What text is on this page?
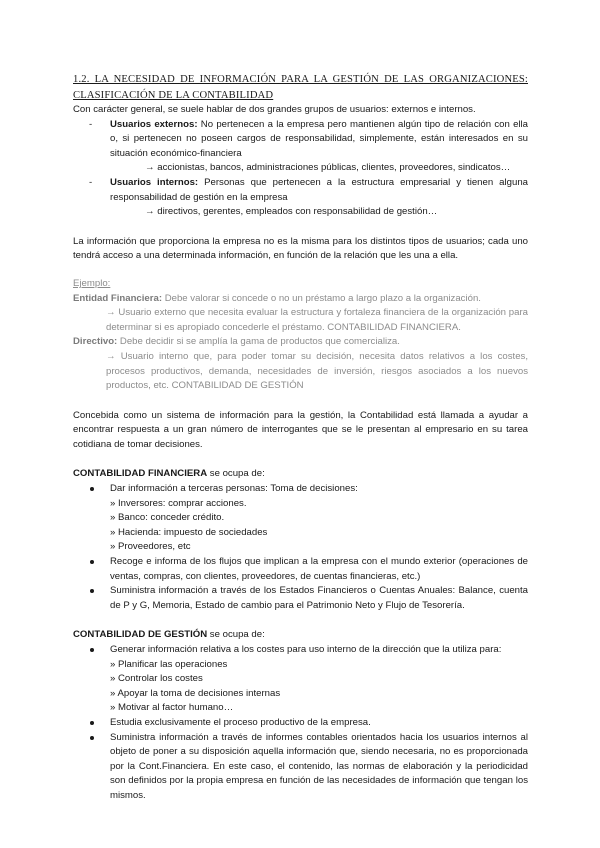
1.2. LA NECESIDAD DE INFORMACIÓN PARA LA GESTIÓN DE LAS ORGANIZACIONES:
CLASIFICACIÓN DE LA CONTABILIDAD

Con carácter general, se suele hablar de dos grandes grupos de usuarios: externos e internos.

- Usuarios externos: No pertenecen a la empresa pero mantienen algún tipo de relación con ella o, si pertenecen no poseen cargos de responsabilidad, simplemente, están interesados en su situación económico-financiera
→ accionistas, bancos, administraciones públicas, clientes, proveedores, sindicatos…
- Usuarios internos: Personas que pertenecen a la estructura empresarial y tienen alguna responsabilidad de gestión en la empresa
→ directivos, gerentes, empleados con responsabilidad de gestión…

La información que proporciona la empresa no es la misma para los distintos tipos de usuarios; cada uno tendrá acceso a una determinada información, en función de la relación que les una a ella.

Ejemplo:
Entidad Financiera: Debe valorar si concede o no un préstamo a largo plazo a la organización.
→ Usuario externo que necesita evaluar la estructura y fortaleza financiera de la organización para determinar si es apropiado concederle el préstamo. CONTABILIDAD FINANCIERA.
Directivo: Debe decidir si se amplía la gama de productos que comercializa.
→ Usuario interno que, para poder tomar su decisión, necesita datos relativos a los costes, procesos productivos, demanda, necesidades de inversión, riesgos asociados a los nuevos productos, etc. CONTABILIDAD DE GESTIÓN

Concebida como un sistema de información para la gestión, la Contabilidad está llamada a ayudar a encontrar respuesta a un gran número de interrogantes que se le presentan al empresario en su tarea cotidiana de tomar decisiones.

CONTABILIDAD FINANCIERA se ocupa de:
Dar información a terceras personas: Toma de decisiones:
» Inversores: comprar acciones.
» Banco: conceder crédito.
» Hacienda: impuesto de sociedades
» Proveedores, etc
Recoge e informa de los flujos que implican a la empresa con el mundo exterior (operaciones de ventas, compras, con clientes, proveedores, de cuentas financieras, etc.)
Suministra información a través de los Estados Financieros o Cuentas Anuales: Balance, cuenta de P y G, Memoria, Estado de cambio para el Patrimonio Neto y Flujo de Tesorería.
CONTABILIDAD DE GESTIÓN se ocupa de:
Generar información relativa a los costes para uso interno de la dirección que la utiliza para:
» Planificar las operaciones
» Controlar los costes
» Apoyar la toma de decisiones internas
» Motivar al factor humano…
Estudia exclusivamente el proceso productivo de la empresa.
Suministra información a través de informes contables orientados hacia los usuarios internos al objeto de poner a su disposición aquella información que, siendo necesaria, no es proporcionada por la Cont.Financiera. En este caso, el contenido, las normas de elaboración y la periodicidad son definidos por la propia empresa en función de las necesidades de información que tengan los mismos.
